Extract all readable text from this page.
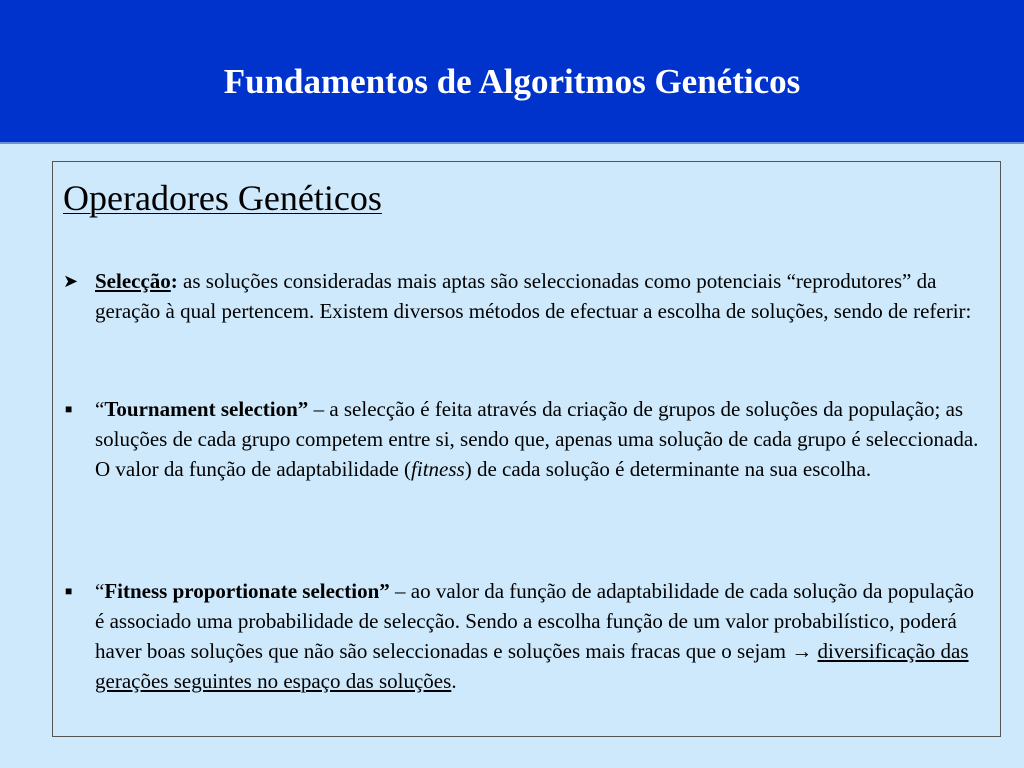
Fundamentos de Algoritmos Genéticos
Operadores Genéticos
➤ Selecção: as soluções consideradas mais aptas são seleccionadas como potenciais “reprodutores” da geração à qual pertencem. Existem diversos métodos de efectuar a escolha de soluções, sendo de referir:
■ “Tournament selection” – a selecção é feita através da criação de grupos de soluções da população; as soluções de cada grupo competem entre si, sendo que, apenas uma solução de cada grupo é seleccionada. O valor da função de adaptabilidade (fitness) de cada solução é determinante na sua escolha.
■ “Fitness proportionate selection” – ao valor da função de adaptabilidade de cada solução da população é associado uma probabilidade de selecção. Sendo a escolha função de um valor probabilístico, poderá haver boas soluções que não são seleccionadas e soluções mais fracas que o sejam → diversificação das gerações seguintes no espaço das soluções.
